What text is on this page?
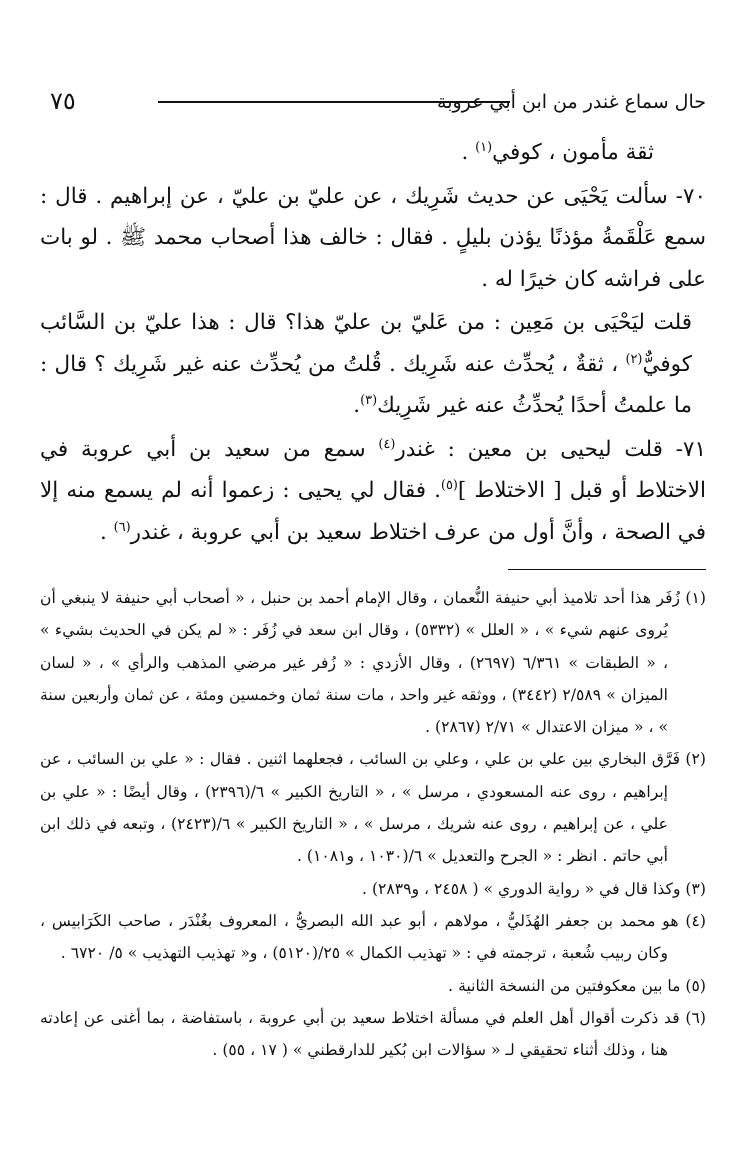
٧٥	حال سماع غندر من ابن أبي عروبة

ثقة مأمون ، كوفي$^{(١)}$ .

٧٠- سألت يَحْيَى عن حديث شَرِيك ، عن عليّ بن عليّ ، عن إبراهيم . قال : سمع عَلْقَمةُ مؤذنًا يؤذن بليلٍ . فقال : خالف هذا أصحاب محمد ﷺ . لو بات على فراشه كان خيرًا له .

قلت ليَحْيَى بن مَعِين : من عَليّ بن عليّ هذا؟ قال : هذا عليّ بن السَّائب كوفيٌّ$^{(٢)}$ ، ثقةٌ ، يُحدِّث عنه شَرِيك . قُلتُ من يُحدِّث عنه غير شَرِيك ؟ قال : ما علمتُ أحدًا يُحدِّثُ عنه غير شَرِيك$^{(٣)}$.

٧١- قلت ليحيى بن معين : غندر$^{(٤)}$ سمع من سعيد بن أبي عروبة في الاختلاط أو قبل [ الاختلاط ]$^{(٥)}$. فقال لي يحيى : زعموا أنه لم يسمع منه إلا في الصحة ، وأنَّ أول من عرف اختلاط سعيد بن أبي عروبة ، غندر$^{(٦)}$ .

(١) زُفَر هذا أحد تلاميذ أبي حنيفة النُّعمان ، وقال الإمام أحمد بن حنبل ، « أصحاب أبي حنيفة لا ينبغي أن يُروى عنهم شيء » ، « العلل » (٥٣٣٢) ، وقال ابن سعد في زُفَر : « لم يكن في الحديث بشيء » ، « الطبقات » ٦/٣٦١ (٢٦٩٧) ، وقال الأزدي : « زُفر غير مرضي المذهب والرأي » ، « لسان الميزان » ٢/٥٨٩ (٣٤٤٢) ، ووثقه غير واحد ، مات سنة ثمان وخمسين ومئة ، عن ثمان وأربعين سنة » ، « ميزان الاعتدال » ٢/٧١ (٢٨٦٧) .

(٢) فَرَّق البخاري بين علي بن علي ، وعلي بن السائب ، فجعلهما اثنين . فقال : « علي بن السائب ، عن إبراهيم ، روى عنه المسعودي ، مرسل » ، « التاريخ الكبير » ٦/(٢٣٩٦) ، وقال أيضًا : « علي بن علي ، عن إبراهيم ، روى عنه شريك ، مرسل » ، « التاريخ الكبير » ٦/(٢٤٢٣) ، وتبعه في ذلك ابن أبي حاتم . انظر : « الجرح والتعديل » ٦/(١٠٣٠ ، و١٠٨١) .

(٣) وكذا قال في « رواية الدوري » ( ٢٤٥٨ ، و٢٨٣٩) .

(٤) هو محمد بن جعفر الهُذَليُّ ، مولاهم ، أبو عبد الله البصريُّ ، المعروف بغُنْدَر ، صاحب الكَرَابيس ، وكان ربيب شُعبة ، ترجمته في : « تهذيب الكمال » ٢٥/(٥١٢٠) ، و« تهذيب التهذيب » ٥/ ٦٧٢٠ .

(٥) ما بين معكوفتين من النسخة الثانية .

(٦) قد ذكرت أقوال أهل العلم في مسألة اختلاط سعيد بن أبي عروبة ، باستفاضة ، بما أغنى عن إعادته هنا ، وذلك أثناء تحقيقي لـ « سؤالات ابن بُكير للدارقطني » ( ١٧ ، ٥٥) .
